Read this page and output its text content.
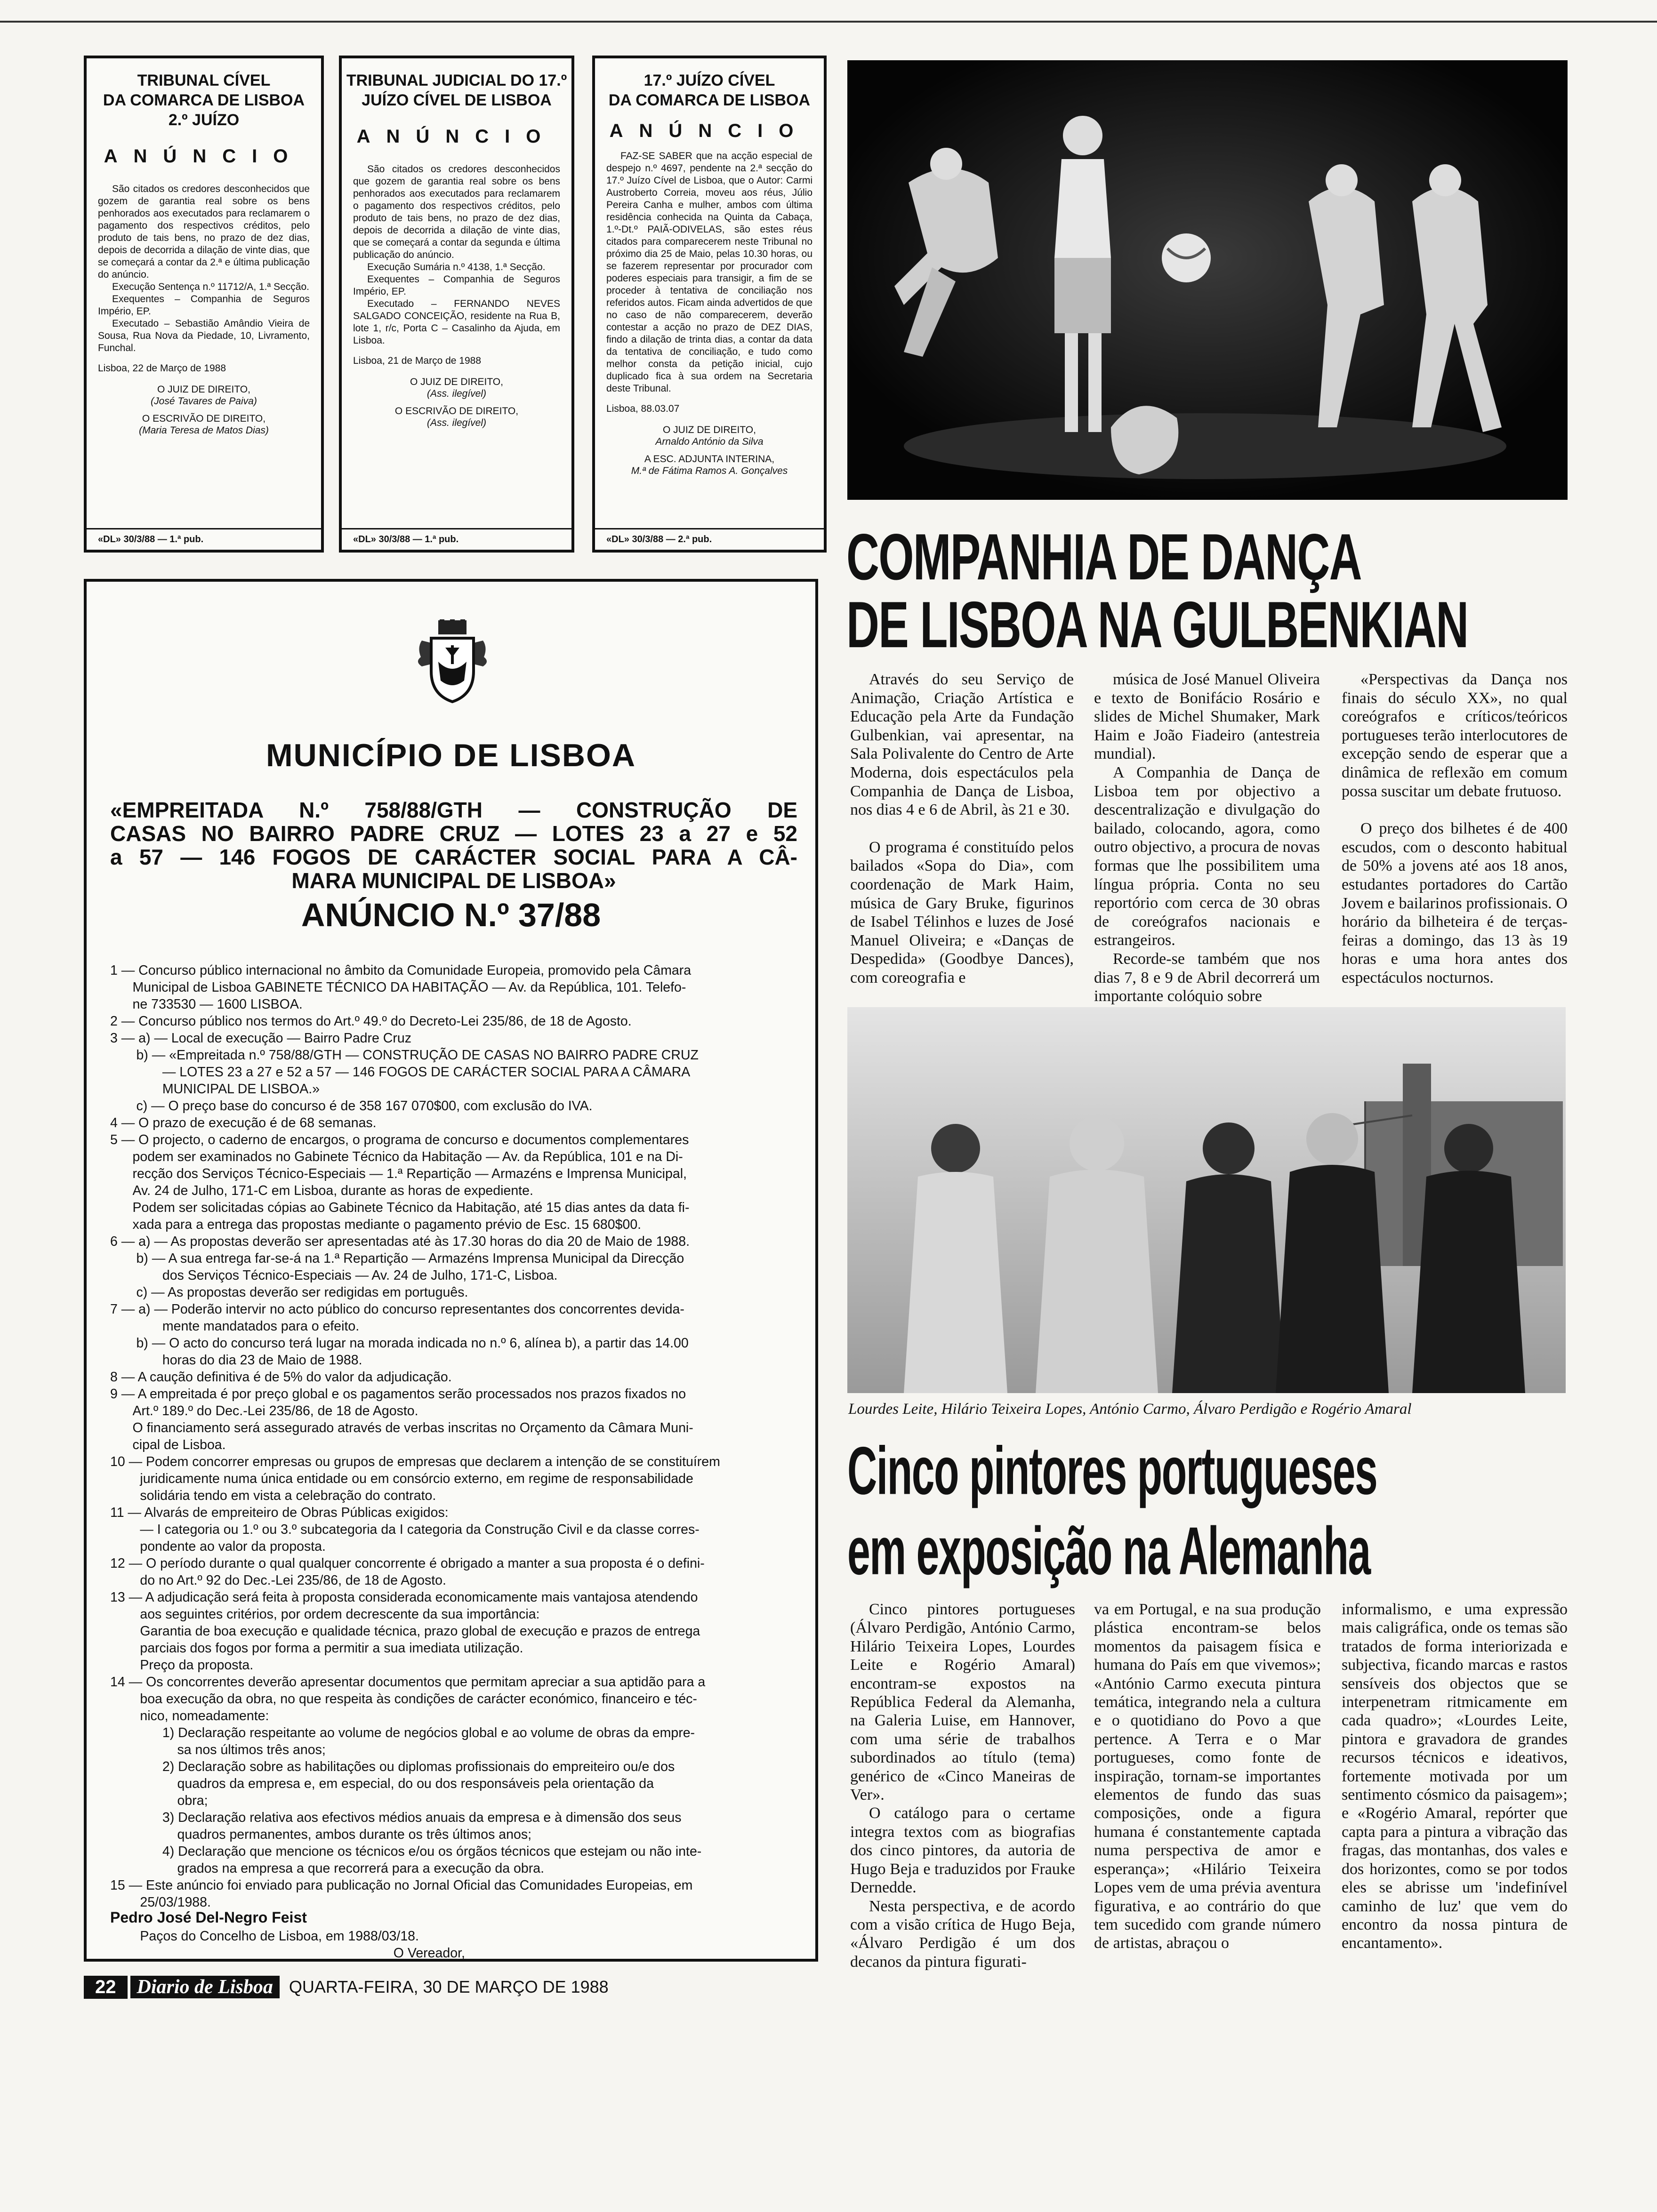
TRIBUNAL CÍVEL
DA COMARCA DE LISBOA
2.º JUÍZO
ANÚNCIO

São citados os credores desconhecidos que gozem de garantia real sobre os bens penhorados aos executados para reclamarem o pagamento dos respectivos créditos, pelo produto de tais bens, no prazo de dez dias, depois de decorrida a dilação de vinte dias, que se começará a contar da 2.ª e última publicação do anúncio.

Execução Sentença n.º 11712/A, 1.ª Secção.

Exequentes – Companhia de Seguros Império, EP.

Executado – Sebastião Amândio Vieira de Sousa, Rua Nova da Piedade, 10, Livramento, Funchal.

Lisboa, 22 de Março de 1988
O JUIZ DE DIREITO,
(José Tavares de Paiva)
O ESCRIVÃO DE DIREITO,
(Maria Teresa de Matos Dias)
«DL» 30/3/88 — 1.ª pub.
TRIBUNAL JUDICIAL DO 17.º
JUÍZO CÍVEL DE LISBOA
ANÚNCIO

São citados os credores desconhecidos que gozem de garantia real sobre os bens penhorados aos executados para reclamarem o pagamento dos respectivos créditos, pelo produto de tais bens, no prazo de dez dias, depois de decorrida a dilação de vinte dias, que se começará a contar da segunda e última publicação do anúncio.

Execução Sumária n.º 4138, 1.ª Secção.

Exequentes – Companhia de Seguros Império, EP.

Executado – FERNANDO NEVES SALGADO CONCEIÇÃO, residente na Rua B, lote 1, r/c, Porta C – Casalinho da Ajuda, em Lisboa.

Lisboa, 21 de Março de 1988
O JUIZ DE DIREITO,
(Ass. ilegível)
O ESCRIVÃO DE DIREITO,
(Ass. ilegível)
«DL» 30/3/88 — 1.ª pub.
17.º JUÍZO CÍVEL
DA COMARCA DE LISBOA
ANÚNCIO

FAZ-SE SABER que na acção especial de despejo n.º 4697, pendente na 2.ª secção do 17.º Juízo Cível de Lisboa, que o Autor: Carmi Austroberto Correia, moveu aos réus, Júlio Pereira Canha e mulher, ambos com última residência conhecida na Quinta da Cabaça, 1.º-Dt.º PAIÃ-ODIVELAS, são estes réus citados para comparecerem neste Tribunal no próximo dia 25 de Maio, pelas 10.30 horas, ou se fazerem representar por procurador com poderes especiais para transigir, a fim de se proceder à tentativa de conciliação nos referidos autos. Ficam ainda advertidos de que no caso de não comparecerem, deverão contestar a acção no prazo de DEZ DIAS, findo a dilação de trinta dias, a contar da data da tentativa de conciliação, e tudo como melhor consta da petição inicial, cujo duplicado fica à sua ordem na Secretaria deste Tribunal.

Lisboa, 88.03.07
O JUIZ DE DIREITO,
Arnaldo António da Silva
A ESC. ADJUNTA INTERINA,
M.ª de Fátima Ramos A. Gonçalves
«DL» 30/3/88 — 2.ª pub.
MUNICÍPIO DE LISBOA
«EMPREITADA N.º 758/88/GTH — CONSTRUÇÃO DE
CASAS NO BAIRRO PADRE CRUZ — LOTES 23 a 27 e 52
a 57 — 146 FOGOS DE CARÁCTER SOCIAL PARA A CÂ-
MARA MUNICIPAL DE LISBOA»
ANÚNCIO N.º 37/88
1 — Concurso público internacional no âmbito da Comunidade Europeia, promovido pela Câmara
Municipal de Lisboa GABINETE TÉCNICO DA HABITAÇÃO — Av. da República, 101. Telefo-
ne 733530 — 1600 LISBOA.
2 — Concurso público nos termos do Art.º 49.º do Decreto-Lei 235/86, de 18 de Agosto.
3 — a) — Local de execução — Bairro Padre Cruz
b) — «Empreitada n.º 758/88/GTH — CONSTRUÇÃO DE CASAS NO BAIRRO PADRE CRUZ
— LOTES 23 a 27 e 52 a 57 — 146 FOGOS DE CARÁCTER SOCIAL PARA A CÂMARA
MUNICIPAL DE LISBOA.»
c) — O preço base do concurso é de 358 167 070$00, com exclusão do IVA.
4 — O prazo de execução é de 68 semanas.
5 — O projecto, o caderno de encargos, o programa de concurso e documentos complementares
podem ser examinados no Gabinete Técnico da Habitação — Av. da República, 101 e na Di-
recção dos Serviços Técnico-Especiais — 1.ª Repartição — Armazéns e Imprensa Municipal,
Av. 24 de Julho, 171-C em Lisboa, durante as horas de expediente.
Podem ser solicitadas cópias ao Gabinete Técnico da Habitação, até 15 dias antes da data fi-
xada para a entrega das propostas mediante o pagamento prévio de Esc. 15 680$00.
6 — a) — As propostas deverão ser apresentadas até às 17.30 horas do dia 20 de Maio de 1988.
b) — A sua entrega far-se-á na 1.ª Repartição — Armazéns Imprensa Municipal da Direcção
dos Serviços Técnico-Especiais — Av. 24 de Julho, 171-C, Lisboa.
c) — As propostas deverão ser redigidas em português.
7 — a) — Poderão intervir no acto público do concurso representantes dos concorrentes devida-
mente mandatados para o efeito.
b) — O acto do concurso terá lugar na morada indicada no n.º 6, alínea b), a partir das 14.00
horas do dia 23 de Maio de 1988.
8 — A caução definitiva é de 5% do valor da adjudicação.
9 — A empreitada é por preço global e os pagamentos serão processados nos prazos fixados no
Art.º 189.º do Dec.-Lei 235/86, de 18 de Agosto.
O financiamento será assegurado através de verbas inscritas no Orçamento da Câmara Muni-
cipal de Lisboa.
10 — Podem concorrer empresas ou grupos de empresas que declarem a intenção de se constituírem
juridicamente numa única entidade ou em consórcio externo, em regime de responsabilidade
solidária tendo em vista a celebração do contrato.
11 — Alvarás de empreiteiro de Obras Públicas exigidos:
— I categoria ou 1.º ou 3.º subcategoria da I categoria da Construção Civil e da classe corres-
pondente ao valor da proposta.
12 — O período durante o qual qualquer concorrente é obrigado a manter a sua proposta é o defini-
do no Art.º 92 do Dec.-Lei 235/86, de 18 de Agosto.
13 — A adjudicação será feita à proposta considerada economicamente mais vantajosa atendendo
aos seguintes critérios, por ordem decrescente da sua importância:
Garantia de boa execução e qualidade técnica, prazo global de execução e prazos de entrega
parciais dos fogos por forma a permitir a sua imediata utilização.
Preço da proposta.
14 — Os concorrentes deverão apresentar documentos que permitam apreciar a sua aptidão para a
boa execução da obra, no que respeita às condições de carácter económico, financeiro e téc-
nico, nomeadamente:
1) Declaração respeitante ao volume de negócios global e ao volume de obras da empre-
sa nos últimos três anos;
2) Declaração sobre as habilitações ou diplomas profissionais do empreiteiro ou/e dos
quadros da empresa e, em especial, do ou dos responsáveis pela orientação da
obra;
3) Declaração relativa aos efectivos médios anuais da empresa e à dimensão dos seus
quadros permanentes, ambos durante os três últimos anos;
4) Declaração que mencione os técnicos e/ou os órgãos técnicos que estejam ou não inte-
grados na empresa a que recorrerá para a execução da obra.
15 — Este anúncio foi enviado para publicação no Jornal Oficial das Comunidades Europeias, em
25/03/1988.

Paços do Concelho de Lisboa, em 1988/03/18.
O Vereador,
Pedro José Del-Negro Feist
COMPANHIA DE DANÇA
DE LISBOA NA GULBENKIAN

Através do seu Serviço de Animação, Criação Artística e Educação pela Arte da Fundação Gulbenkian, vai apresentar, na Sala Polivalente do Centro de Arte Moderna, dois espectáculos pela Companhia de Dança de Lisboa, nos dias 4 e 6 de Abril, às 21 e 30.

O programa é constituído pelos bailados «Sopa do Dia», com coordenação de Mark Haim, música de Gary Bruke, figurinos de Isabel Télinhos e luzes de José Manuel Oliveira; e «Danças de Despedida» (Goodbye Dances), com coreografia e

música de José Manuel Oliveira e texto de Bonifácio Rosário e slides de Michel Shumaker, Mark Haim e João Fiadeiro (antestreia mundial).

A Companhia de Dança de Lisboa tem por objectivo a descentralização e divulgação do bailado, colocando, agora, como outro objectivo, a procura de novas formas que lhe possibilitem uma língua própria. Conta no seu reportório com cerca de 30 obras de coreógrafos nacionais e estrangeiros.

Recorde-se também que nos dias 7, 8 e 9 de Abril decorrerá um importante colóquio sobre

«Perspectivas da Dança nos finais do século XX», no qual coreógrafos e críticos/teóricos portugueses terão interlocutores de excepção sendo de esperar que a dinâmica de reflexão em comum possa suscitar um debate frutuoso.

O preço dos bilhetes é de 400 escudos, com o desconto habitual de 50% a jovens até aos 18 anos, estudantes portadores do Cartão Jovem e bailarinos profissionais. O horário da bilheteira é de terças-feiras a domingo, das 13 às 19 horas e uma hora antes dos espectáculos nocturnos.

Lourdes Leite, Hilário Teixeira Lopes, António Carmo, Álvaro Perdigão e Rogério Amaral
Cinco pintores portugueses
em exposição na Alemanha

Cinco pintores portugueses (Álvaro Perdigão, António Carmo, Hilário Teixeira Lopes, Lourdes Leite e Rogério Amaral) encontram-se expostos na República Federal da Alemanha, na Galeria Luise, em Hannover, com uma série de trabalhos subordinados ao título (tema) genérico de «Cinco Maneiras de Ver».

O catálogo para o certame integra textos com as biografias dos cinco pintores, da autoria de Hugo Beja e traduzidos por Frauke Dernedde.

Nesta perspectiva, e de acordo com a visão crítica de Hugo Beja, «Álvaro Perdigão é um dos decanos da pintura figurati-

va em Portugal, e na sua produção plástica encontram-se belos momentos da paisagem física e humana do País em que vivemos»; «António Carmo executa pintura temática, integrando nela a cultura e o quotidiano do Povo a que pertence. A Terra e o Mar portugueses, como fonte de inspiração, tornam-se importantes elementos de fundo das suas composições, onde a figura humana é constantemente captada numa perspectiva de amor e esperança»; «Hilário Teixeira Lopes vem de uma prévia aventura figurativa, e ao contrário do que tem sucedido com grande número de artistas, abraçou o

informalismo, e uma expressão mais caligráfica, onde os temas são tratados de forma interiorizada e subjectiva, ficando marcas e rastos sensíveis dos objectos que se interpenetram ritmicamente em cada quadro»; «Lourdes Leite, pintora e gravadora de grandes recursos técnicos e ideativos, fortemente motivada por um sentimento cósmico da paisagem»; e «Rogério Amaral, repórter que capta para a pintura a vibração das fragas, das montanhas, dos vales e dos horizontes, como se por todos eles se abrisse um 'indefinível caminho de luz' que vem do encontro da nossa pintura de encantamento».

22	Diario de Lisboa QUARTA-FEIRA, 30 DE MARÇO DE 1988
